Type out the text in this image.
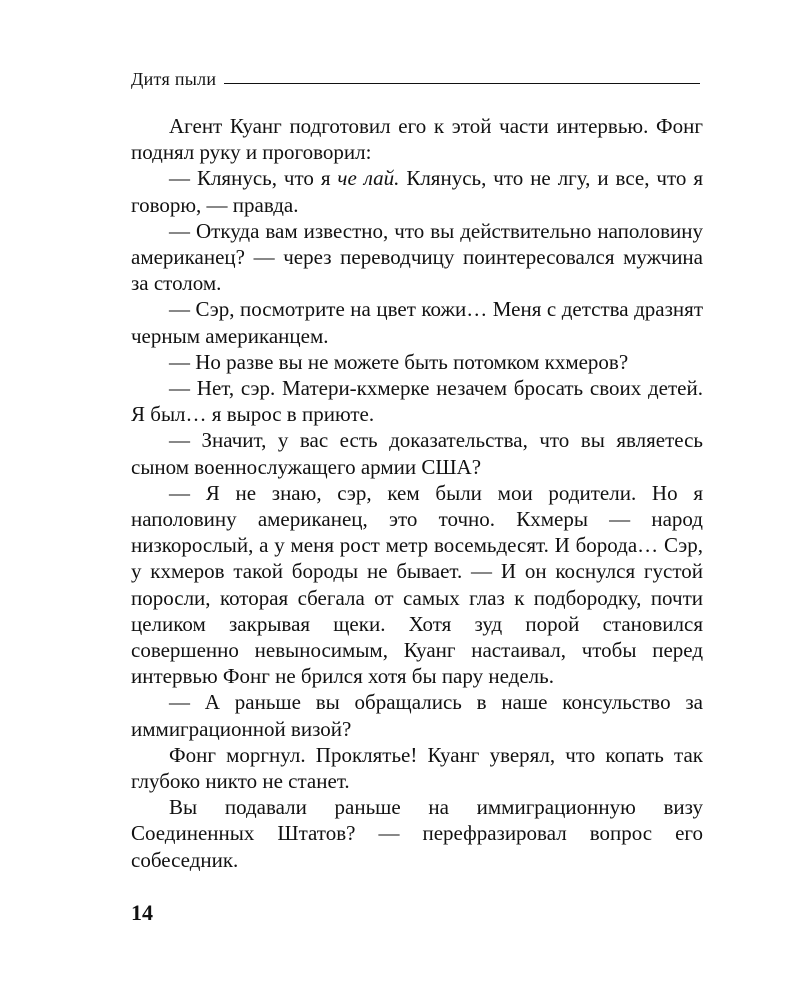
Дитя пыли

Агент Куанг подготовил его к этой части интервью. Фонг поднял руку и проговорил:

— Клянусь, что я че лай. Клянусь, что не лгу, и все, что я говорю, — правда.

— Откуда вам известно, что вы действительно наполовину американец? — через переводчицу поинтересовался мужчина за столом.

— Сэр, посмотрите на цвет кожи… Меня с детства дразнят черным американцем.

— Но разве вы не можете быть потомком кхмеров?

— Нет, сэр. Матери-кхмерке незачем бросать своих детей. Я был… я вырос в приюте.

— Значит, у вас есть доказательства, что вы являетесь сыном военнослужащего армии США?

— Я не знаю, сэр, кем были мои родители. Но я наполовину американец, это точно. Кхмеры — народ низкорослый, а у меня рост метр восемьдесят. И борода… Сэр, у кхмеров такой бороды не бывает. — И он коснулся густой поросли, которая сбегала от самых глаз к подбородку, почти целиком закрывая щеки. Хотя зуд порой становился совершенно невыносимым, Куанг настаивал, чтобы перед интервью Фонг не брился хотя бы пару недель.

— А раньше вы обращались в наше консульство за иммиграционной визой?

Фонг моргнул. Проклятье! Куанг уверял, что копать так глубоко никто не станет.

Вы подавали раньше на иммиграционную визу Соединенных Штатов? — перефразировал вопрос его собеседник.

14
